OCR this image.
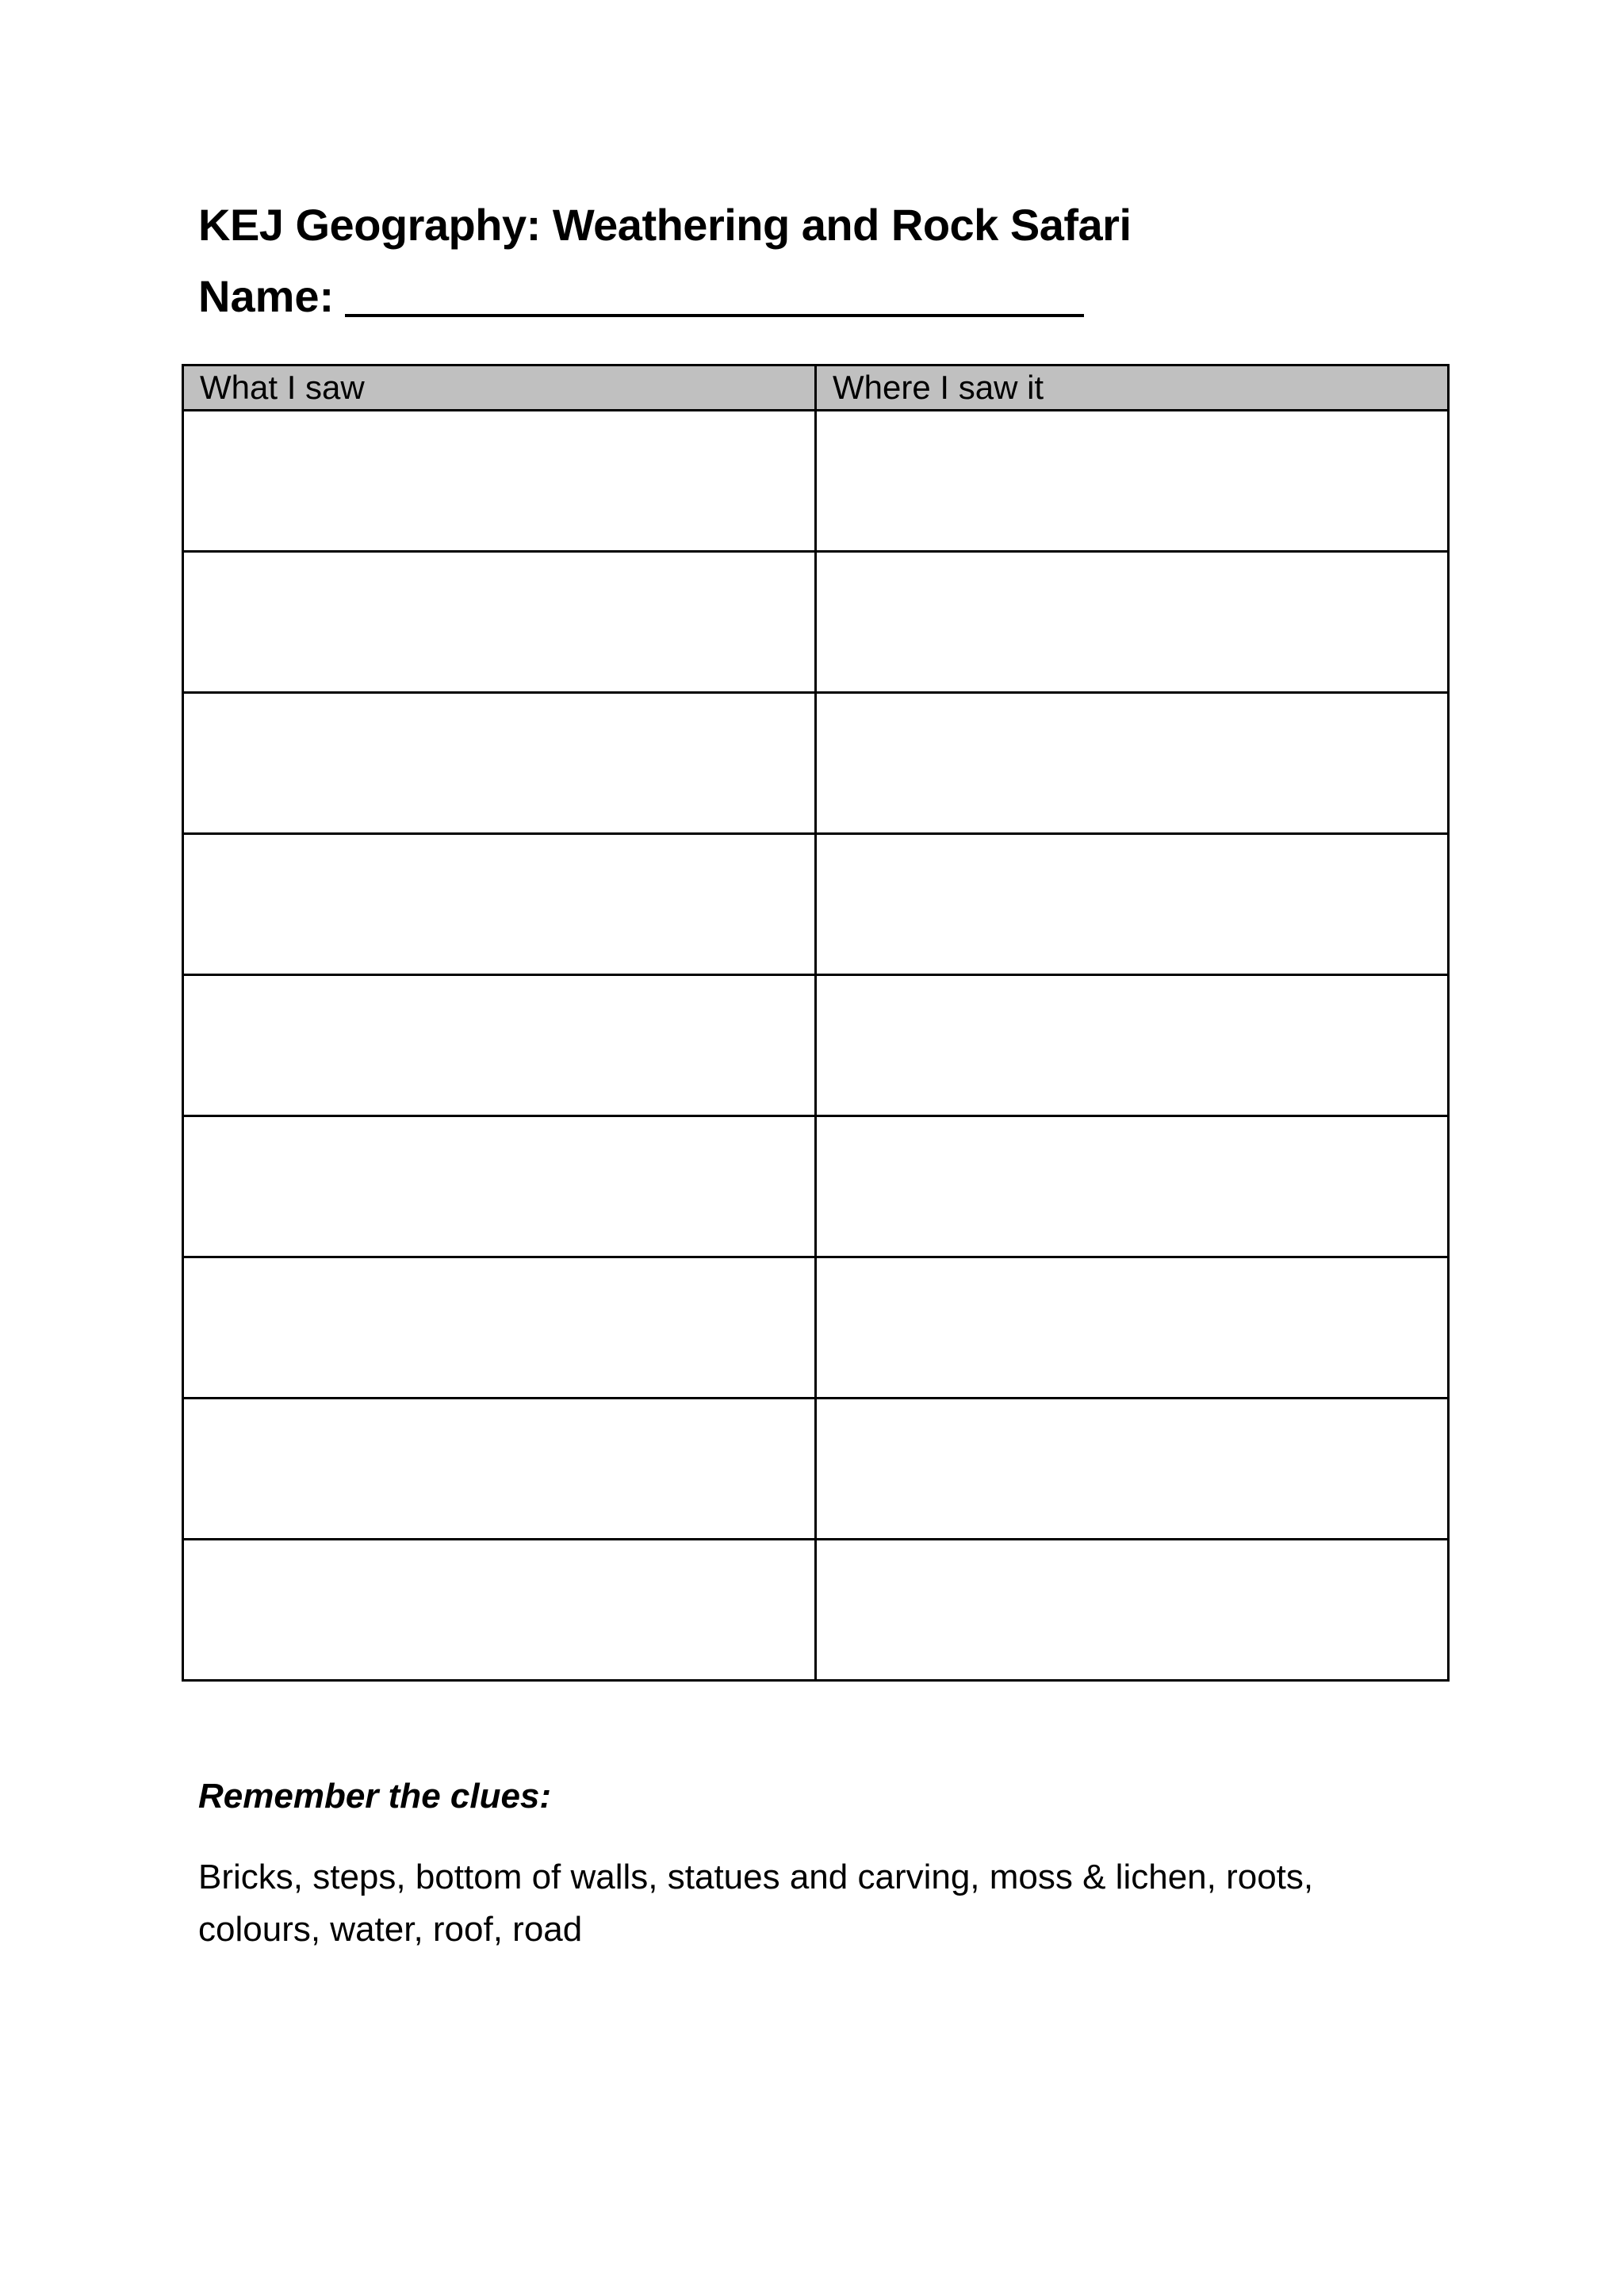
KEJ Geography: Weathering and Rock Safari
Name:
What I saw	Where I saw it

Remember the clues:
Bricks, steps, bottom of walls, statues and carving, moss & lichen, roots, colours, water, roof, road
